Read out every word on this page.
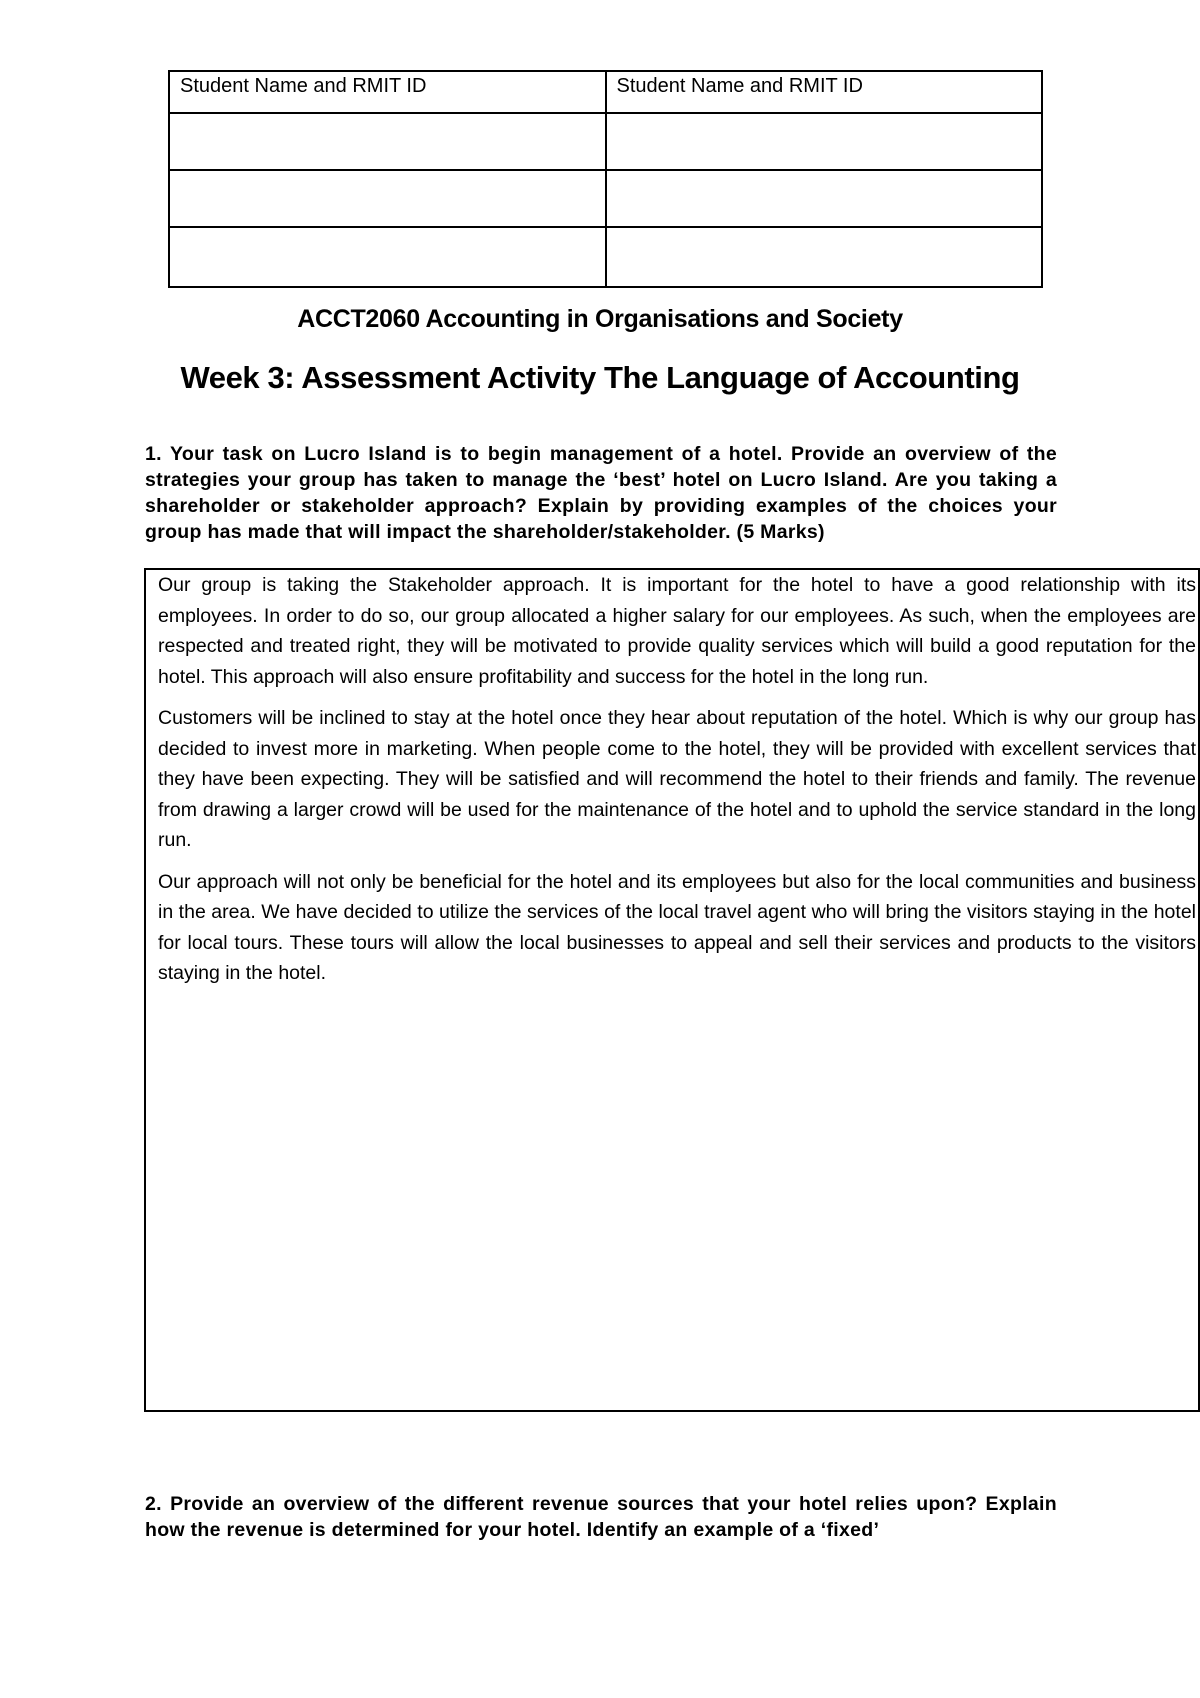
Student Name and RMIT ID	Student Name and RMIT ID

ACCT2060 Accounting in Organisations and Society
Week 3: Assessment Activity The Language of Accounting

1. Your task on Lucro Island is to begin management of a hotel. Provide an overview of the strategies your group has taken to manage the ‘best’ hotel on Lucro Island. Are you taking a shareholder or stakeholder approach? Explain by providing examples of the choices your group has made that will impact the shareholder/stakeholder. (5 Marks)

Our group is taking the Stakeholder approach. It is important for the hotel to have a good relationship with its employees. In order to do so, our group allocated a higher salary for our employees. As such, when the employees are respected and treated right, they will be motivated to provide quality services which will build a good reputation for the hotel. This approach will also ensure profitability and success for the hotel in the long run.

Customers will be inclined to stay at the hotel once they hear about reputation of the hotel. Which is why our group has decided to invest more in marketing. When people come to the hotel, they will be provided with excellent services that they have been expecting. They will be satisfied and will recommend the hotel to their friends and family. The revenue from drawing a larger crowd will be used for the maintenance of the hotel and to uphold the service standard in the long run.

Our approach will not only be beneficial for the hotel and its employees but also for the local communities and business in the area. We have decided to utilize the services of the local travel agent who will bring the visitors staying in the hotel for local tours. These tours will allow the local businesses to appeal and sell their services and products to the visitors staying in the hotel.

2. Provide an overview of the different revenue sources that your hotel relies upon? Explain how the revenue is determined for your hotel. Identify an example of a ‘fixed’
